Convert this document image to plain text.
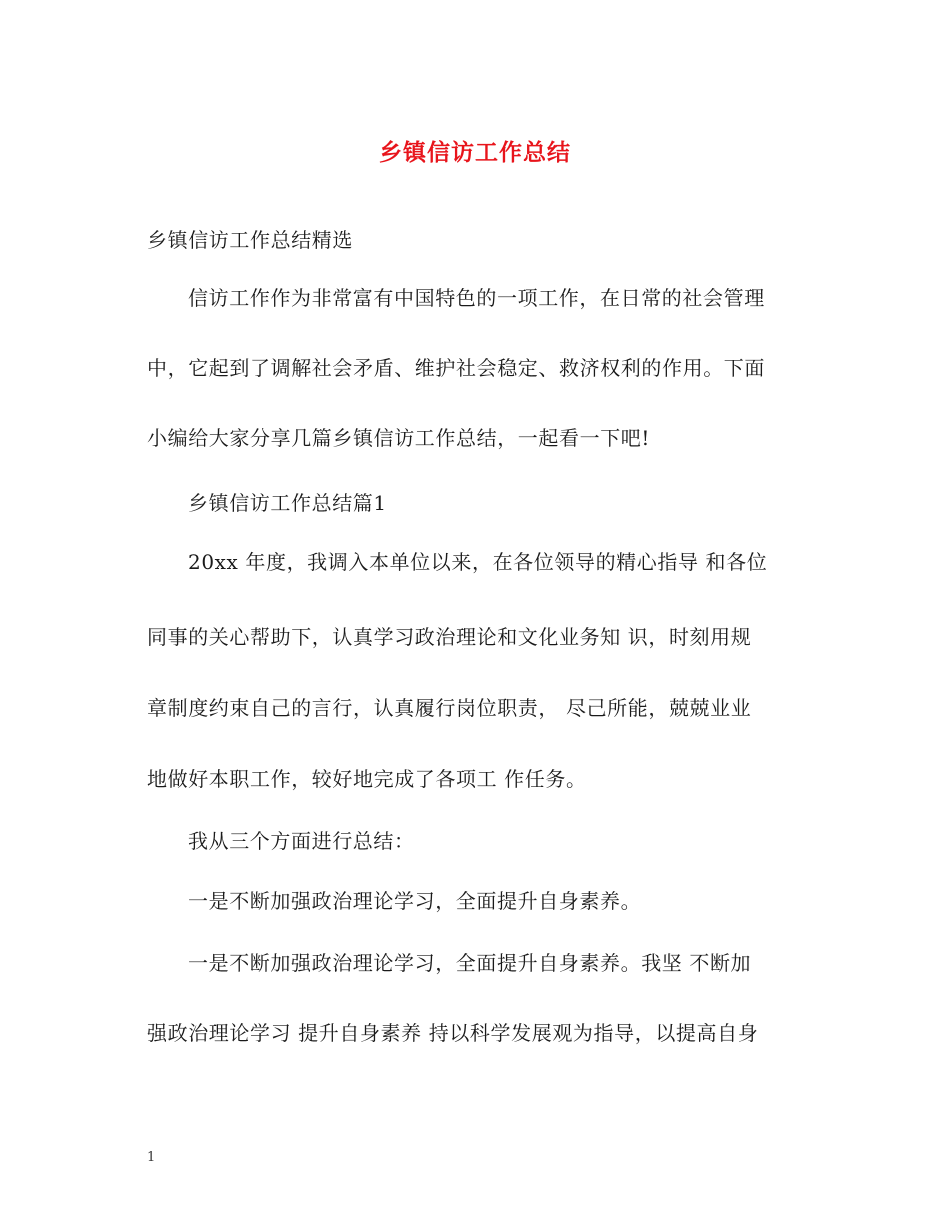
乡镇信访工作总结
乡镇信访工作总结精选
信访工作作为非常富有中国特色的一项工作，在日常的社会管理
中，它起到了调解社会矛盾、维护社会稳定、救济权利的作用。下面
小编给大家分享几篇乡镇信访工作总结，一起看一下吧!
乡镇信访工作总结篇1
20xx 年度，我调入本单位以来，在各位领导的精心指导 和各位
同事的关心帮助下，认真学习政治理论和文化业务知 识，时刻用规
章制度约束自己的言行，认真履行岗位职责， 尽己所能，兢兢业业
地做好本职工作，较好地完成了各项工 作任务。
我从三个方面进行总结：
一是不断加强政治理论学习，全面提升自身素养。
一是不断加强政治理论学习，全面提升自身素养。我坚 不断加
强政治理论学习 提升自身素养 持以科学发展观为指导，以提高自身
1
